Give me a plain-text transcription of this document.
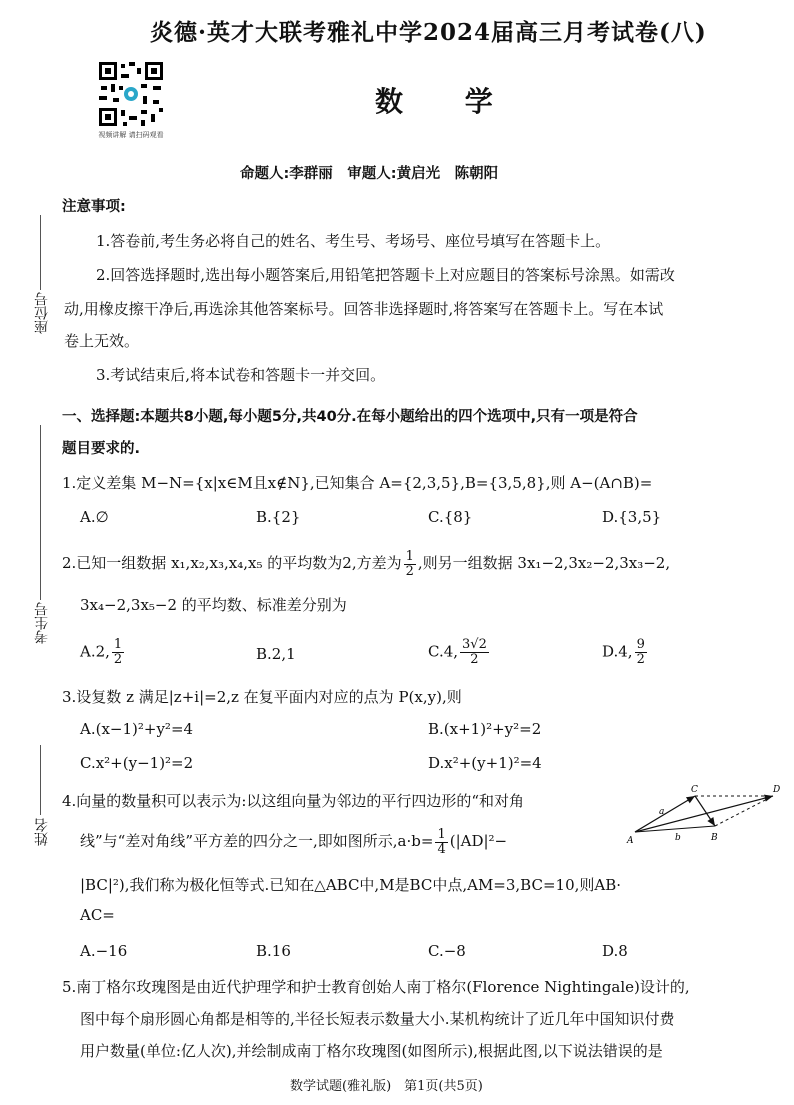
炎德·英才大联考雅礼中学2024届高三月考试卷(八)
视频讲解 请扫码观看
数 学
命题人:李群丽　审题人:黄启光　陈朝阳
座位号
考生号
姓名
注意事项:
1.答卷前,考生务必将自己的姓名、考生号、考场号、座位号填写在答题卡上。
2.回答选择题时,选出每小题答案后,用铅笔把答题卡上对应题目的答案标号涂黑。如需改
动,用橡皮擦干净后,再选涂其他答案标号。回答非选择题时,将答案写在答题卡上。写在本试
卷上无效。
3.考试结束后,将本试卷和答题卡一并交回。
一、选择题:本题共8小题,每小题5分,共40分.在每小题给出的四个选项中,只有一项是符合
题目要求的.
1.定义差集 M−N={x|x∈M且x∉N},已知集合 A={2,3,5},B={3,5,8},则 A−(A∩B)=
A.∅	B.{2}	C.{8}	D.{3,5}
2.已知一组数据 x₁,x₂,x₃,x₄,x₅ 的平均数为2,方差为 $\frac{1}{2}$ ,则另一组数据 3x₁−2,3x₂−2,3x₃−2,
3x₄−2,3x₅−2 的平均数、标准差分别为
A.2, $\frac{1}{2}$	B.2,1	C.4, $\frac{3√2}{2}$	D.4, $\frac{9}{2}$
3.设复数 z 满足|z+i|=2,z 在复平面内对应的点为 P(x,y),则
A.(x−1)²+y²=4	B.(x+1)²+y²=2
C.x²+(y−1)²=2	D.x²+(y+1)²=4
4.向量的数量积可以表示为:以这组向量为邻边的平行四边形的“和对角
线”与“差对角线”平方差的四分之一,即如图所示$,a\cdot b= \frac{1}{4} (|AD|^2-$
|BC|²),我们称为极化恒等式.已知在△ABC中,M是BC中点,AM=3,BC=10,则AB·
AC=
A	B
C	D
a
b
A.−16	B.16	C.−8	D.8
5.南丁格尔玫瑰图是由近代护理学和护士教育创始人南丁格尔(Florence Nightingale)设计的,
图中每个扇形圆心角都是相等的,半径长短表示数量大小.某机构统计了近几年中国知识付费
用户数量(单位:亿人次),并绘制成南丁格尔玫瑰图(如图所示),根据此图,以下说法错误的是
数学试题(雅礼版)　第1页(共5页)
